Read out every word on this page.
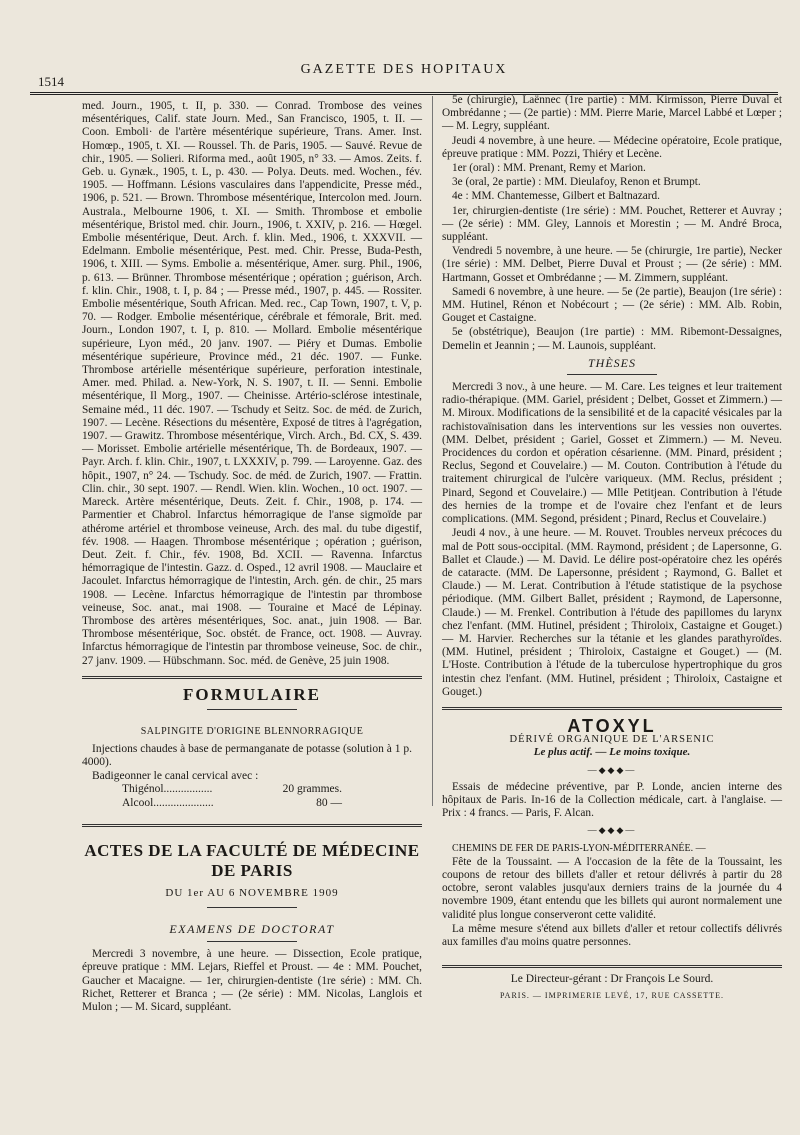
1514
GAZETTE DES HOPITAUX

med. Journ., 1905, t. II, p. 330. — Conrad. Trombose des veines mésentériques, Calif. state Journ. Med., San Francisco, 1905, t. II. — Coon. Emboli· de l'artère mésentérique supérieure, Trans. Amer. Inst. Homœp., 1905, t. XI. — Roussel. Th. de Paris, 1905. — Sauvé. Revue de chir., 1905. — Solieri. Riforma med., août 1905, n° 33. — Amos. Zeits. f. Geb. u. Gynæk., 1905, t. L, p. 430. — Polya. Deuts. med. Wochen., fév. 1905. — Hoffmann. Lésions vasculaires dans l'appendicite, Presse méd., 1906, p. 521. — Brown. Thrombose mésentérique, Intercolon med. Journ. Australa., Melbourne 1906, t. XI. — Smith. Thrombose et embolie mésentérique, Bristol med. chir. Journ., 1906, t. XXIV, p. 216. — Hœgel. Embolie mésentérique, Deut. Arch. f. klin. Med., 1906, t. XXXVII. — Edelmann. Embolie mésentérique, Pest. med. Chir. Presse, Buda-Pesth, 1906, t. XIII. — Syms. Embolie a. mésentérique, Amer. surg. Phil., 1906, p. 613. — Brünner. Thrombose mésentérique ; opération ; guérison, Arch. f. klin. Chir., 1908, t. I, p. 84 ; — Presse méd., 1907, p. 445. — Rossiter. Embolie mésentérique, South African. Med. rec., Cap Town, 1907, t. V, p. 70. — Rodger. Embolie mésentérique, cérébrale et fémorale, Brit. med. Journ., London 1907, t. I, p. 810. — Mollard. Embolie mésentérique supérieure, Lyon méd., 20 janv. 1907. — Piéry et Dumas. Embolie mésentérique supérieure, Province méd., 21 déc. 1907. — Funke. Thrombose artérielle mésentérique supérieure, perforation intestinale, Amer. med. Philad. a. New-York, N. S. 1907, t. II. — Senni. Embolie mésentérique, Il Morg., 1907. — Cheinisse. Artério-sclérose intestinale, Semaine méd., 11 déc. 1907. — Tschudy et Seitz. Soc. de méd. de Zurich, 1907. — Lecène. Résections du mésentère, Exposé de titres à l'agrégation, 1907. — Grawitz. Thrombose mésentérique, Virch. Arch., Bd. CX, S. 439. — Morisset. Embolie artérielle mésentérique, Th. de Bordeaux, 1907. — Payr. Arch. f. klin. Chir., 1907, t. LXXXIV, p. 799. — Laroyenne. Gaz. des hôpit., 1907, n° 24. — Tschudy. Soc. de méd. de Zurich, 1907. — Frattin. Clin. chir., 30 sept. 1907. — Rendl. Wien. klin. Wochen., 10 oct. 1907. — Mareck. Artère mésentérique, Deuts. Zeit. f. Chir., 1908, p. 174. — Parmentier et Chabrol. Infarctus hémorragique de l'anse sigmoïde par athérome artériel et thrombose veineuse, Arch. des mal. du tube digestif, fév. 1908. — Haagen. Thrombose mésentérique ; opération ; guérison, Deut. Zeit. f. Chir., fév. 1908, Bd. XCII. — Ravenna. Infarctus hémorragique de l'intestin. Gazz. d. Osped., 12 avril 1908. — Mauclaire et Jacoulet. Infarctus hémorragique de l'intestin, Arch. gén. de chir., 25 mars 1908. — Lecène. Infarctus hémorragique de l'intestin par thrombose veineuse, Soc. anat., mai 1908. — Touraine et Macé de Lépinay. Thrombose des artères mésentériques, Soc. anat., juin 1908. — Bar. Thrombose mésentérique, Soc. obstét. de France, oct. 1908. — Auvray. Infarctus hémorragique de l'intestin par thrombose veineuse, Soc. de chir., 27 janv. 1909. — Hübschmann. Soc. méd. de Genève, 25 juin 1908.

FORMULAIRE
SALPINGITE D'ORIGINE BLENNORRAGIQUE

Injections chaudes à base de permanganate de potasse (solution à 1 p. 4000).

Badigeonner le canal cervical avec :

Thigénol.................	20 grammes.
Alcool.....................	80 —
ACTES DE LA FACULTÉ DE MÉDECINE DE PARIS
DU 1er AU 6 NOVEMBRE 1909
EXAMENS DE DOCTORAT

Mercredi 3 novembre, à une heure. — Dissection, Ecole pratique, épreuve pratique : MM. Lejars, Rieffel et Proust. — 4e : MM. Pouchet, Gaucher et Macaigne. — 1er, chirurgien-dentiste (1re série) : MM. Ch. Richet, Retterer et Branca ; — (2e série) : MM. Nicolas, Langlois et Mulon ; — M. Sicard, suppléant.

5e (chirurgie), Laënnec (1re partie) : MM. Kirmisson, Pierre Duval et Ombrédanne ; — (2e partie) : MM. Pierre Marie, Marcel Labbé et Lœper ; — M. Legry, suppléant.

Jeudi 4 novembre, à une heure. — Médecine opératoire, Ecole pratique, épreuve pratique : MM. Pozzi, Thiéry et Lecène.

1er (oral) : MM. Prenant, Remy et Marion.

3e (oral, 2e partie) : MM. Dieulafoy, Renon et Brumpt.

4e : MM. Chantemesse, Gilbert et Baltnazard.

1er, chirurgien-dentiste (1re série) : MM. Pouchet, Retterer et Auvray ; — (2e série) : MM. Gley, Lannois et Morestin ; — M. André Broca, suppléant.

Vendredi 5 novembre, à une heure. — 5e (chirurgie, 1re partie), Necker (1re série) : MM. Delbet, Pierre Duval et Proust ; — (2e série) : MM. Hartmann, Gosset et Ombrédanne ; — M. Zimmern, suppléant.

Samedi 6 novembre, à une heure. — 5e (2e partie), Beaujon (1re série) : MM. Hutinel, Rénon et Nobécourt ; — (2e série) : MM. Alb. Robin, Gouget et Castaigne.

5e (obstétrique), Beaujon (1re partie) : MM. Ribemont-Dessaignes, Demelin et Jeannin ; — M. Launois, suppléant.

THÈSES

Mercredi 3 nov., à une heure. — M. Care. Les teignes et leur traitement radio-thérapique. (MM. Gariel, président ; Delbet, Gosset et Zimmern.) — M. Miroux. Modifications de la sensibilité et de la capacité vésicales par la rachistovaïnisation dans les interventions sur les vessies non ouvertes. (MM. Delbet, président ; Gariel, Gosset et Zimmern.) — M. Neveu. Procidences du cordon et opération césarienne. (MM. Pinard, président ; Reclus, Segond et Couvelaire.) — M. Couton. Contribution à l'étude du traitement chirurgical de l'ulcère variqueux. (MM. Reclus, président ; Pinard, Segond et Couvelaire.) — Mlle Petitjean. Contribution à l'étude des hernies de la trompe et de l'ovaire chez l'enfant et de leurs complications. (MM. Segond, président ; Pinard, Reclus et Couvelaire.)

Jeudi 4 nov., à une heure. — M. Rouvet. Troubles nerveux précoces du mal de Pott sous-occipital. (MM. Raymond, président ; de Lapersonne, G. Ballet et Claude.) — M. David. Le délire post-opératoire chez les opérés de cataracte. (MM. De Lapersonne, président ; Raymond, G. Ballet et Claude.) — M. Lerat. Contribution à l'étude statistique de la psychose périodique. (MM. Gilbert Ballet, président ; Raymond, de Lapersonne, Claude.) — M. Frenkel. Contribution à l'étude des papillomes du larynx chez l'enfant. (MM. Hutinel, président ; Thiroloix, Castaigne et Gouget.) — M. Harvier. Recherches sur la tétanie et les glandes parathyroïdes. (MM. Hutinel, président ; Thiroloix, Castaigne et Gouget.) — (M. L'Hoste. Contribution à l'étude de la tuberculose hypertrophique du gros intestin chez l'enfant. (MM. Hutinel, président ; Thiroloix, Castaigne et Gouget.)

ATOXYL
DÉRIVÉ ORGANIQUE DE L'ARSENIC
Le plus actif. — Le moins toxique.
—◆◆◆—

Essais de médecine préventive, par P. Londe, ancien interne des hôpitaux de Paris. In-16 de la Collection médicale, cart. à l'anglaise. — Prix : 4 francs. — Paris, F. Alcan.

—◆◆◆—

CHEMINS DE FER DE PARIS-LYON-MÉDITERRANÉE. —

Fête de la Toussaint. — A l'occasion de la fête de la Toussaint, les coupons de retour des billets d'aller et retour délivrés à partir du 28 octobre, seront valables jusqu'aux derniers trains de la journée du 4 novembre 1909, étant entendu que les billets qui auront normalement une validité plus longue conserveront cette validité.

La même mesure s'étend aux billets d'aller et retour collectifs délivrés aux familles d'au moins quatre personnes.

Le Directeur-gérant : Dr François Le Sourd.
PARIS. — IMPRIMERIE LEVÉ, 17, RUE CASSETTE.
